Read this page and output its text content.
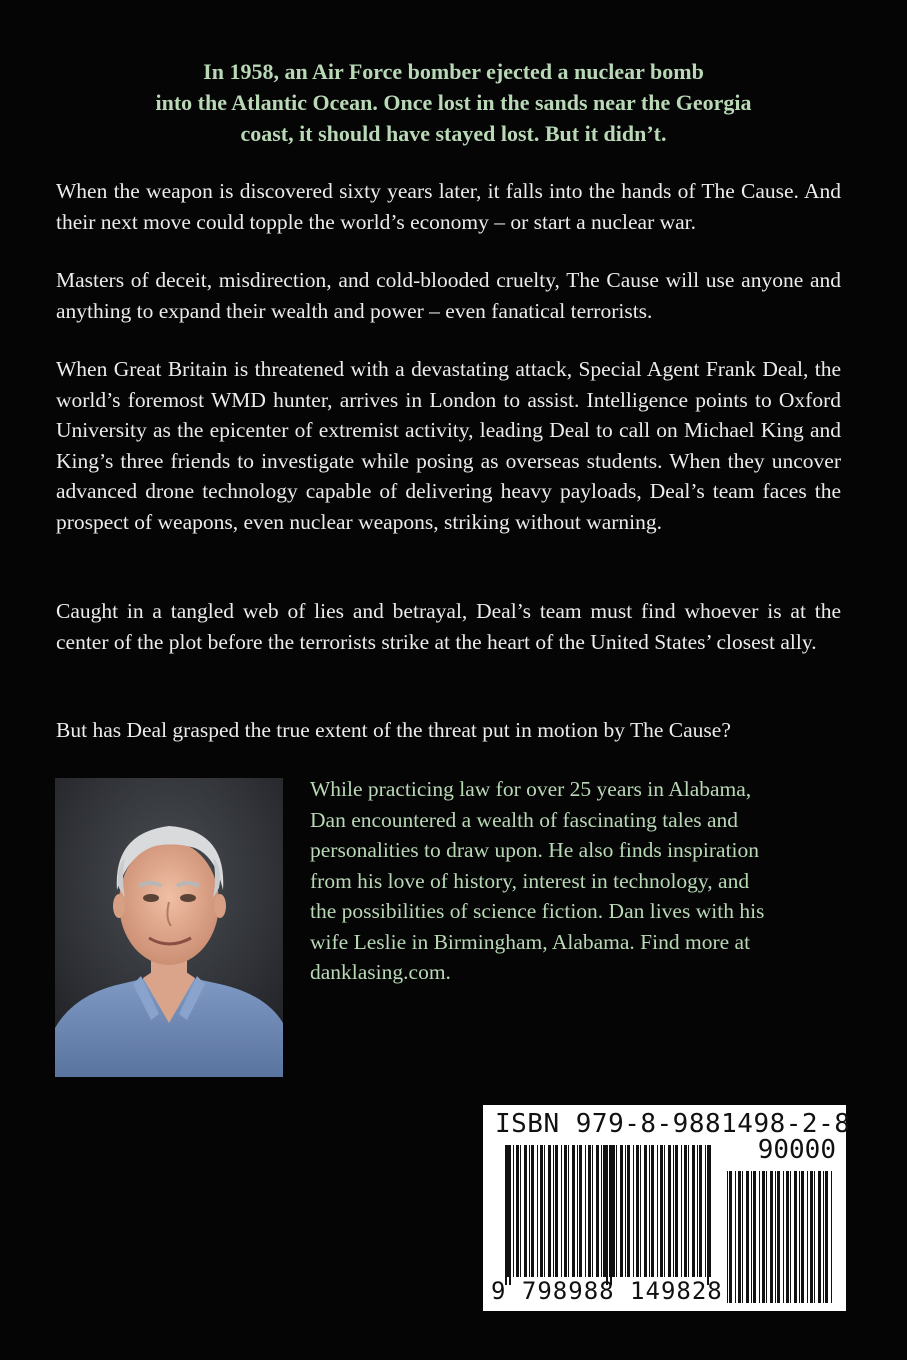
In 1958, an Air Force bomber ejected a nuclear bomb
into the Atlantic Ocean. Once lost in the sands near the Georgia
coast, it should have stayed lost. But it didn’t.

When the weapon is discovered sixty years later, it falls into the hands of The Cause. And their next move could topple the world’s economy – or start a nuclear war.

Masters of deceit, misdirection, and cold-blooded cruelty, The Cause will use anyone and anything to expand their wealth and power – even fanatical terrorists.

When Great Britain is threatened with a devastating attack, Special Agent Frank Deal, the world’s foremost WMD hunter, arrives in London to assist. Intelligence points to Oxford University as the epicenter of extremist activity, leading Deal to call on Michael King and King’s three friends to investigate while posing as overseas students. When they uncover advanced drone technology capable of delivering heavy payloads, Deal’s team faces the prospect of weapons, even nuclear weapons, striking without warning.

Caught in a tangled web of lies and betrayal, Deal’s team must find whoever is at the center of the plot before the terrorists strike at the heart of the United States’ closest ally.

But has Deal grasped the true extent of the threat put in motion by The Cause?

While practicing law for over 25 years in Alabama,
Dan encountered a wealth of fascinating tales and
personalities to draw upon. He also finds inspiration
from his love of history, interest in technology, and
the possibilities of science fiction. Dan lives with his
wife Leslie in Birmingham, Alabama. Find more at
danklasing.com.
ISBN 979-8-9881498-2-8
90000
9 798988 149828
